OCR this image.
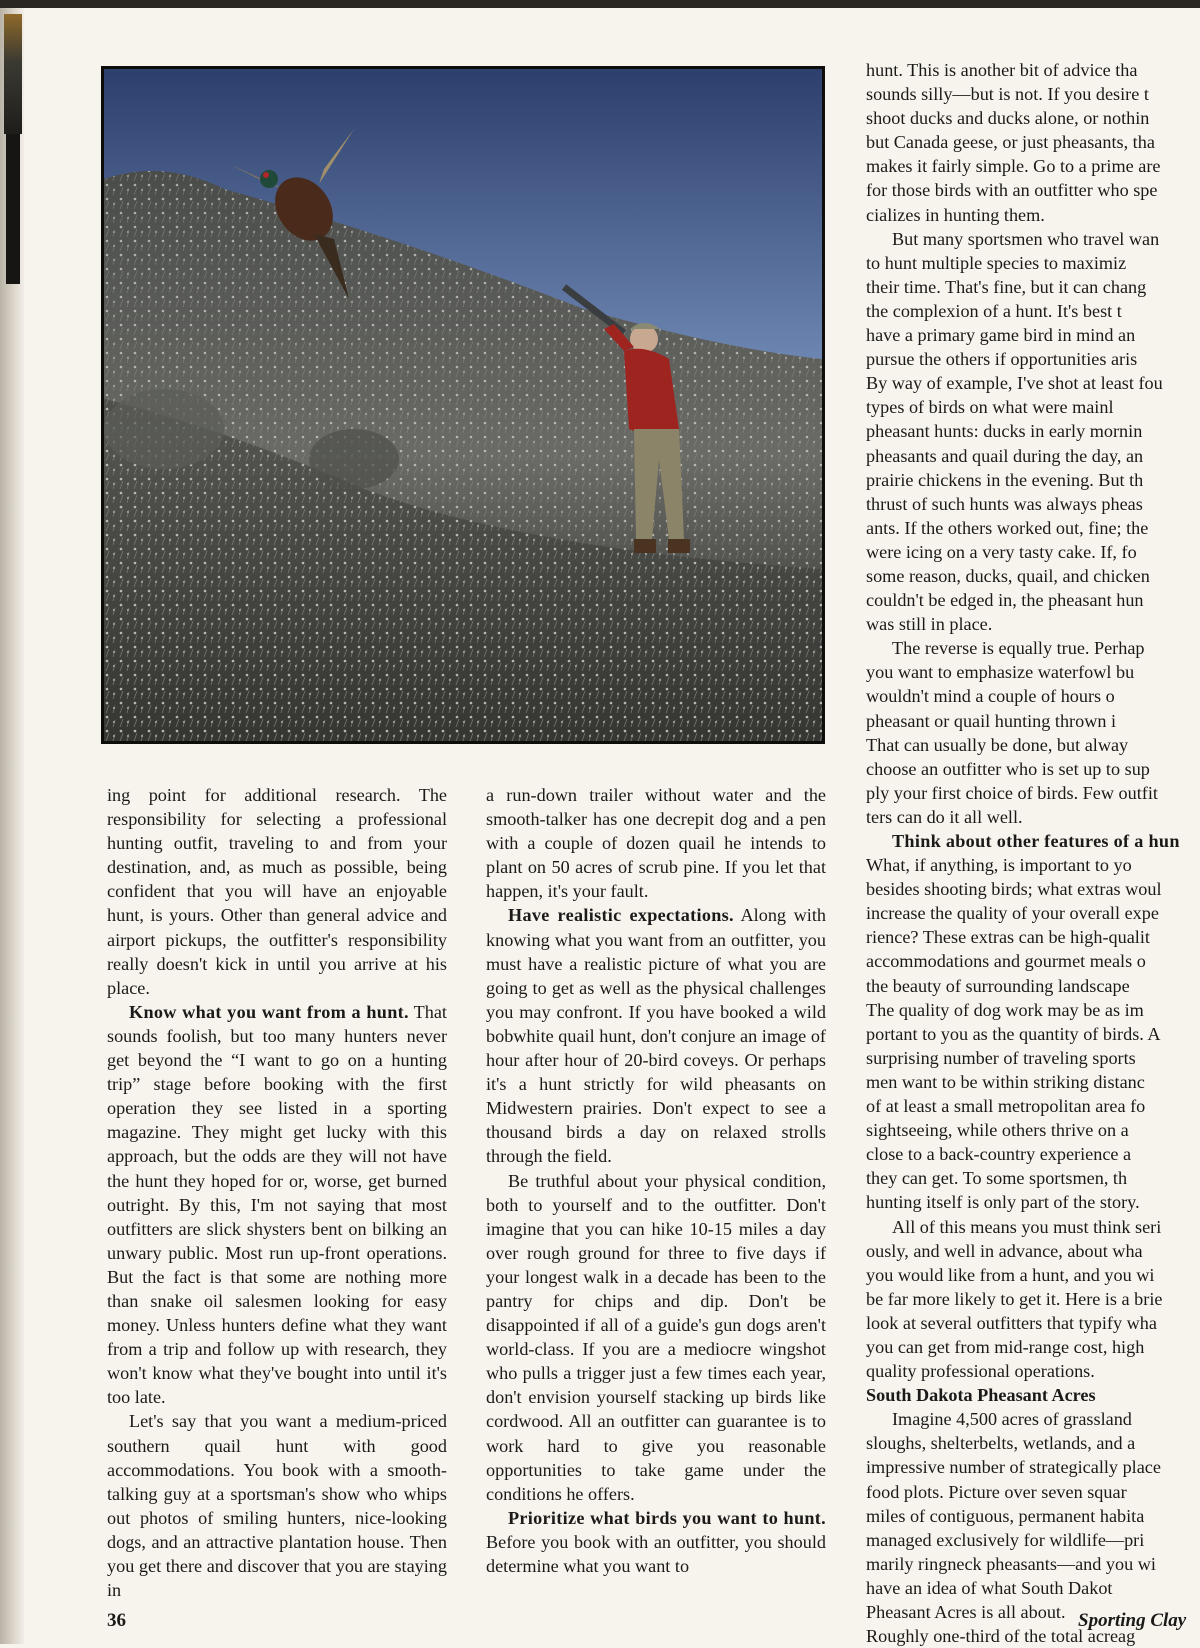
ing point for additional research. The responsibility for selecting a professional hunting outfit, traveling to and from your destination, and, as much as possible, being confident that you will have an enjoyable hunt, is yours. Other than general advice and airport pickups, the outfitter's responsibility really doesn't kick in until you arrive at his place.

Know what you want from a hunt. That sounds foolish, but too many hunters never get beyond the “I want to go on a hunting trip” stage before booking with the first operation they see listed in a sporting magazine. They might get lucky with this approach, but the odds are they will not have the hunt they hoped for or, worse, get burned outright. By this, I'm not saying that most outfitters are slick shysters bent on bilking an unwary public. Most run up-front operations. But the fact is that some are nothing more than snake oil salesmen looking for easy money. Unless hunters define what they want from a trip and follow up with research, they won't know what they've bought into until it's too late.

Let's say that you want a medium-priced southern quail hunt with good accommodations. You book with a smooth-talking guy at a sportsman's show who whips out photos of smiling hunters, nice-looking dogs, and an attractive plantation house. Then you get there and discover that you are staying in

a run-down trailer without water and the smooth-talker has one decrepit dog and a pen with a couple of dozen quail he intends to plant on 50 acres of scrub pine. If you let that happen, it's your fault.

Have realistic expectations. Along with knowing what you want from an outfitter, you must have a realistic picture of what you are going to get as well as the physical challenges you may confront. If you have booked a wild bobwhite quail hunt, don't conjure an image of hour after hour of 20-bird coveys. Or perhaps it's a hunt strictly for wild pheasants on Midwestern prairies. Don't expect to see a thousand birds a day on relaxed strolls through the field.

Be truthful about your physical condition, both to yourself and to the outfitter. Don't imagine that you can hike 10-15 miles a day over rough ground for three to five days if your longest walk in a decade has been to the pantry for chips and dip. Don't be disappointed if all of a guide's gun dogs aren't world-class. If you are a mediocre wingshot who pulls a trigger just a few times each year, don't envision yourself stacking up birds like cordwood. All an outfitter can guarantee is to work hard to give you reasonable opportunities to take game under the conditions he offers.

Prioritize what birds you want to hunt. Before you book with an outfitter, you should determine what you want to

hunt. This is another bit of advice tha
sounds silly—but is not. If you desire t
shoot ducks and ducks alone, or nothin
but Canada geese, or just pheasants, tha
makes it fairly simple. Go to a prime are
for those birds with an outfitter who spe
cializes in hunting them.
But many sportsmen who travel wan
to hunt multiple species to maximiz
their time. That's fine, but it can chang
the complexion of a hunt. It's best t
have a primary game bird in mind an
pursue the others if opportunities aris
By way of example, I've shot at least fou
types of birds on what were mainl
pheasant hunts: ducks in early mornin
pheasants and quail during the day, an
prairie chickens in the evening. But th
thrust of such hunts was always pheas
ants. If the others worked out, fine; the
were icing on a very tasty cake. If, fo
some reason, ducks, quail, and chicken
couldn't be edged in, the pheasant hun
was still in place.
The reverse is equally true. Perhap
you want to emphasize waterfowl bu
wouldn't mind a couple of hours o
pheasant or quail hunting thrown i
That can usually be done, but alway
choose an outfitter who is set up to sup
ply your first choice of birds. Few outfit
ters can do it all well.
Think about other features of a hun
What, if anything, is important to yo
besides shooting birds; what extras woul
increase the quality of your overall expe
rience? These extras can be high-qualit
accommodations and gourmet meals o
the beauty of surrounding landscape
The quality of dog work may be as im
portant to you as the quantity of birds. A
surprising number of traveling sports
men want to be within striking distanc
of at least a small metropolitan area fo
sightseeing, while others thrive on a
close to a back-country experience a
they can get. To some sportsmen, th
hunting itself is only part of the story.
All of this means you must think seri
ously, and well in advance, about wha
you would like from a hunt, and you wi
be far more likely to get it. Here is a brie
look at several outfitters that typify wha
you can get from mid-range cost, high
quality professional operations.
South Dakota Pheasant Acres
Imagine 4,500 acres of grassland
sloughs, shelterbelts, wetlands, and a
impressive number of strategically place
food plots. Picture over seven squar
miles of contiguous, permanent habita
managed exclusively for wildlife—pri
marily ringneck pheasants—and you wi
have an idea of what South Dakot
Pheasant Acres is all about.
Roughly one-third of the total acreag
36	Sporting Clay
